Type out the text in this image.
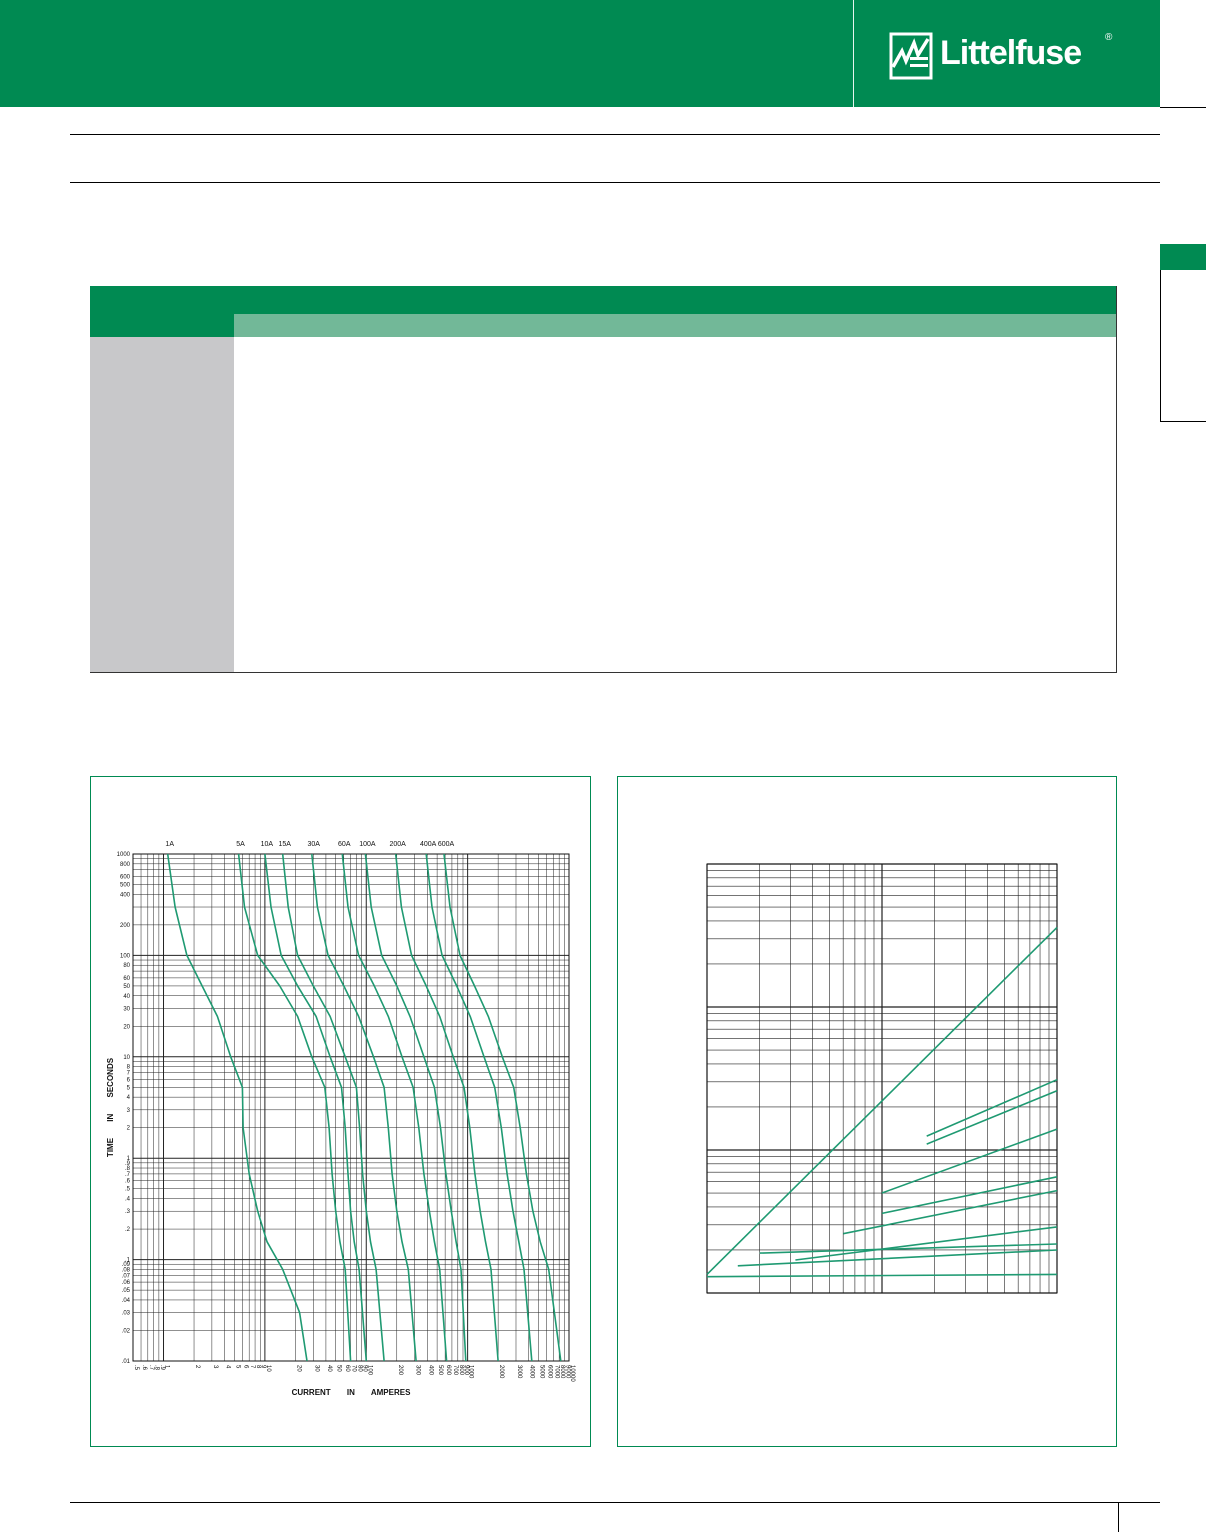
Littelfuse ®

1000
800
600
500
400
200
100
80
60
50
40
30
20
10
8
7
6
5
4
3
2
1
.9
.8
.7
.6
.5
.4
.3
.2
.1
.09
.08
.07
.06
.05
.04
.03
.02
.01
.5 .6 .7 .8 .9
1	2 3 4 5 6 7 8 9
10	20 30 40 50 60 70 80 90
100	200 300 400 500 600 700 800 900
1000	2000 3000 4000 5000 6000 7000 8000 9000
10000
TIME IN SECONDS
CURRENT IN AMPERES
1A	5A 10A 15A 30A	60A 100A 200A 400A 600A
